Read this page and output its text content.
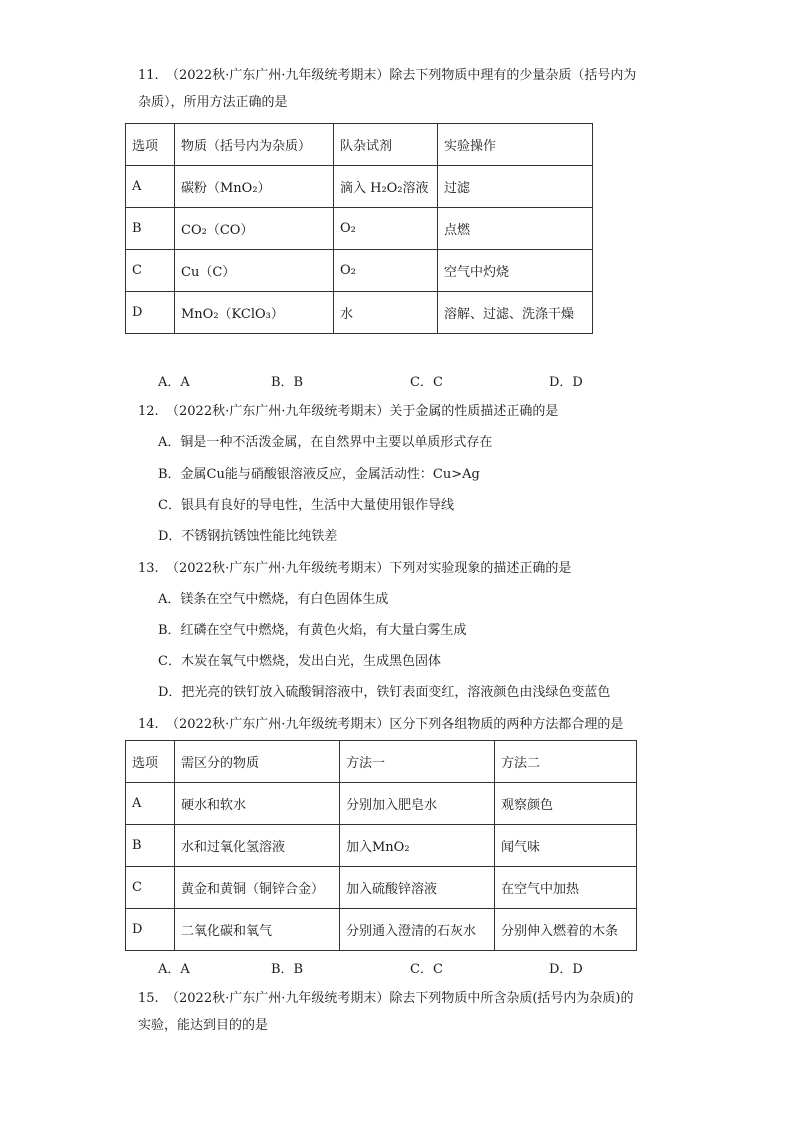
11. （2022秋·广东广州·九年级统考期末）除去下列物质中理有的少量杂质（括号内为
杂质），所用方法正确的是
选项	物质（括号内为杂质）	队杂试剂	实验操作
A	碳粉（MnO₂）	滴入 H₂O₂溶液	过滤
B	CO₂（CO）	O₂	点燃
C	Cu（C）	O₂	空气中灼烧
D	MnO₂（KClO₃）	水	溶解、过滤、洗涤干燥
A．A	B．B	C．C	D．D
12. （2022秋·广东广州·九年级统考期末）关于金属的性质描述正确的是
A．铜是一种不活泼金属，在自然界中主要以单质形式存在
B．金属Cu能与硝酸银溶液反应，金属活动性：Cu>Ag
C．银具有良好的导电性，生活中大量使用银作导线
D．不锈钢抗锈蚀性能比纯铁差
13. （2022秋·广东广州·九年级统考期末）下列对实验现象的描述正确的是
A．镁条在空气中燃烧，有白色固体生成
B．红磷在空气中燃烧，有黄色火焰，有大量白雾生成
C．木炭在氧气中燃烧，发出白光，生成黑色固体
D．把光亮的铁钉放入硫酸铜溶液中，铁钉表面变红，溶液颜色由浅绿色变蓝色
14. （2022秋·广东广州·九年级统考期末）区分下列各组物质的两种方法都合理的是
选项	需区分的物质	方法一	方法二
A	硬水和软水	分别加入肥皂水	观察颜色
B	水和过氧化氢溶液	加入MnO₂	闻气味
C	黄金和黄铜（铜锌合金）	加入硫酸锌溶液	在空气中加热
D	二氧化碳和氧气	分别通入澄清的石灰水	分别伸入燃着的木条
A．A	B．B	C．C	D．D
15. （2022秋·广东广州·九年级统考期末）除去下列物质中所含杂质(括号内为杂质)的
实验，能达到目的的是
